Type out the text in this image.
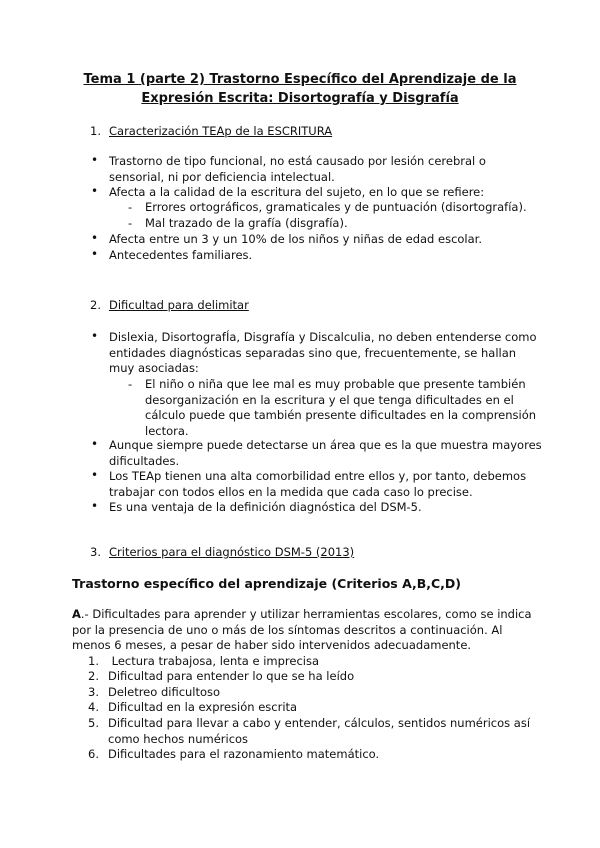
Tema 1 (parte 2) Trastorno Específico del Aprendizaje de la
Expresión Escrita: Disortografía y Disgrafía
1. Caracterización TEAp de la ESCRITURA
• Trastorno de tipo funcional, no está causado por lesión cerebral o
sensorial, ni por deficiencia intelectual.
• Afecta a la calidad de la escritura del sujeto, en lo que se refiere:
- Errores ortográficos, gramaticales y de puntuación (disortografía).
- Mal trazado de la grafía (disgrafía).
• Afecta entre un 3 y un 10% de los niños y niñas de edad escolar.
• Antecedentes familiares.
2. Dificultad para delimitar
• Dislexia, DisortografÍa, Disgrafía y Discalculia, no deben entenderse como
entidades diagnósticas separadas sino que, frecuentemente, se hallan
muy asociadas:
- El niño o niña que lee mal es muy probable que presente también
desorganización en la escritura y el que tenga dificultades en el
cálculo puede que también presente dificultades en la comprensión
lectora.
• Aunque siempre puede detectarse un área que es la que muestra mayores
dificultades.
• Los TEAp tienen una alta comorbilidad entre ellos y, por tanto, debemos
trabajar con todos ellos en la medida que cada caso lo precise.
• Es una ventaja de la definición diagnóstica del DSM-5.
3. Criterios para el diagnóstico DSM-5 (2013)
Trastorno específico del aprendizaje (Criterios A,B,C,D)
A.- Dificultades para aprender y utilizar herramientas escolares, como se indica
por la presencia de uno o más de los síntomas descritos a continuación. Al
menos 6 meses, a pesar de haber sido intervenidos adecuadamente.
1. Lectura trabajosa, lenta e imprecisa
2. Dificultad para entender lo que se ha leído
3. Deletreo dificultoso
4. Dificultad en la expresión escrita
5. Dificultad para llevar a cabo y entender, cálculos, sentidos numéricos así
como hechos numéricos
6. Dificultades para el razonamiento matemático.
